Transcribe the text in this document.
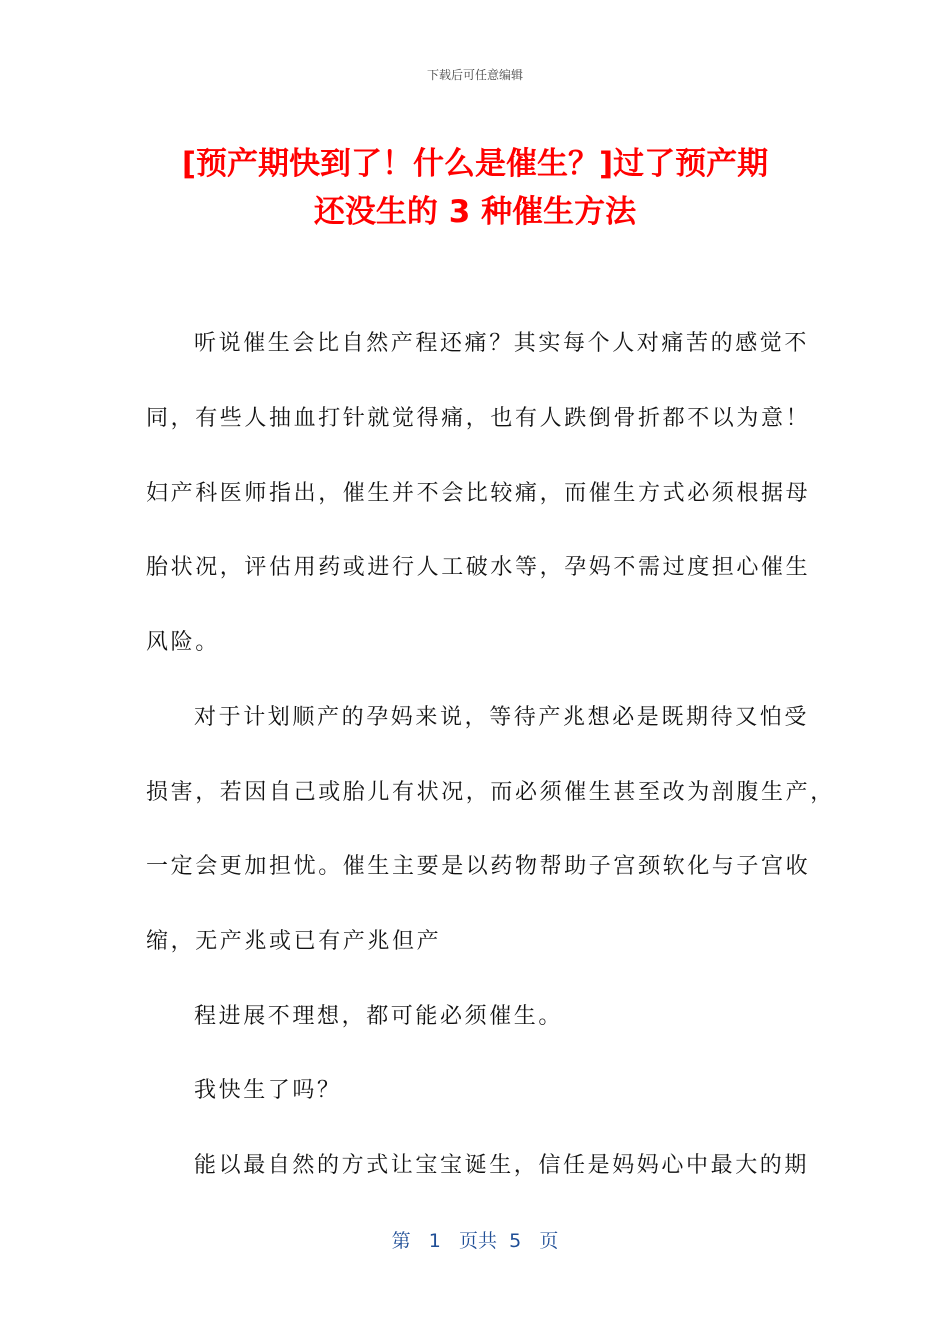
下载后可任意编辑
[预产期快到了！什么是催生？]过了预产期
还没生的 3 种催生方法
听说催生会比自然产程还痛？其实每个人对痛苦的感觉不
同，有些人抽血打针就觉得痛，也有人跌倒骨折都不以为意！
妇产科医师指出，催生并不会比较痛，而催生方式必须根据母
胎状况，评估用药或进行人工破水等，孕妈不需过度担心催生
风险。
对于计划顺产的孕妈来说，等待产兆想必是既期待又怕受
损害，若因自己或胎儿有状况，而必须催生甚至改为剖腹生产，
一定会更加担忧。催生主要是以药物帮助子宫颈软化与子宫收
缩，无产兆或已有产兆但产
程进展不理想，都可能必须催生。
我快生了吗？
能以最自然的方式让宝宝诞生，信任是妈妈心中最大的期
第 1 页共 5 页
